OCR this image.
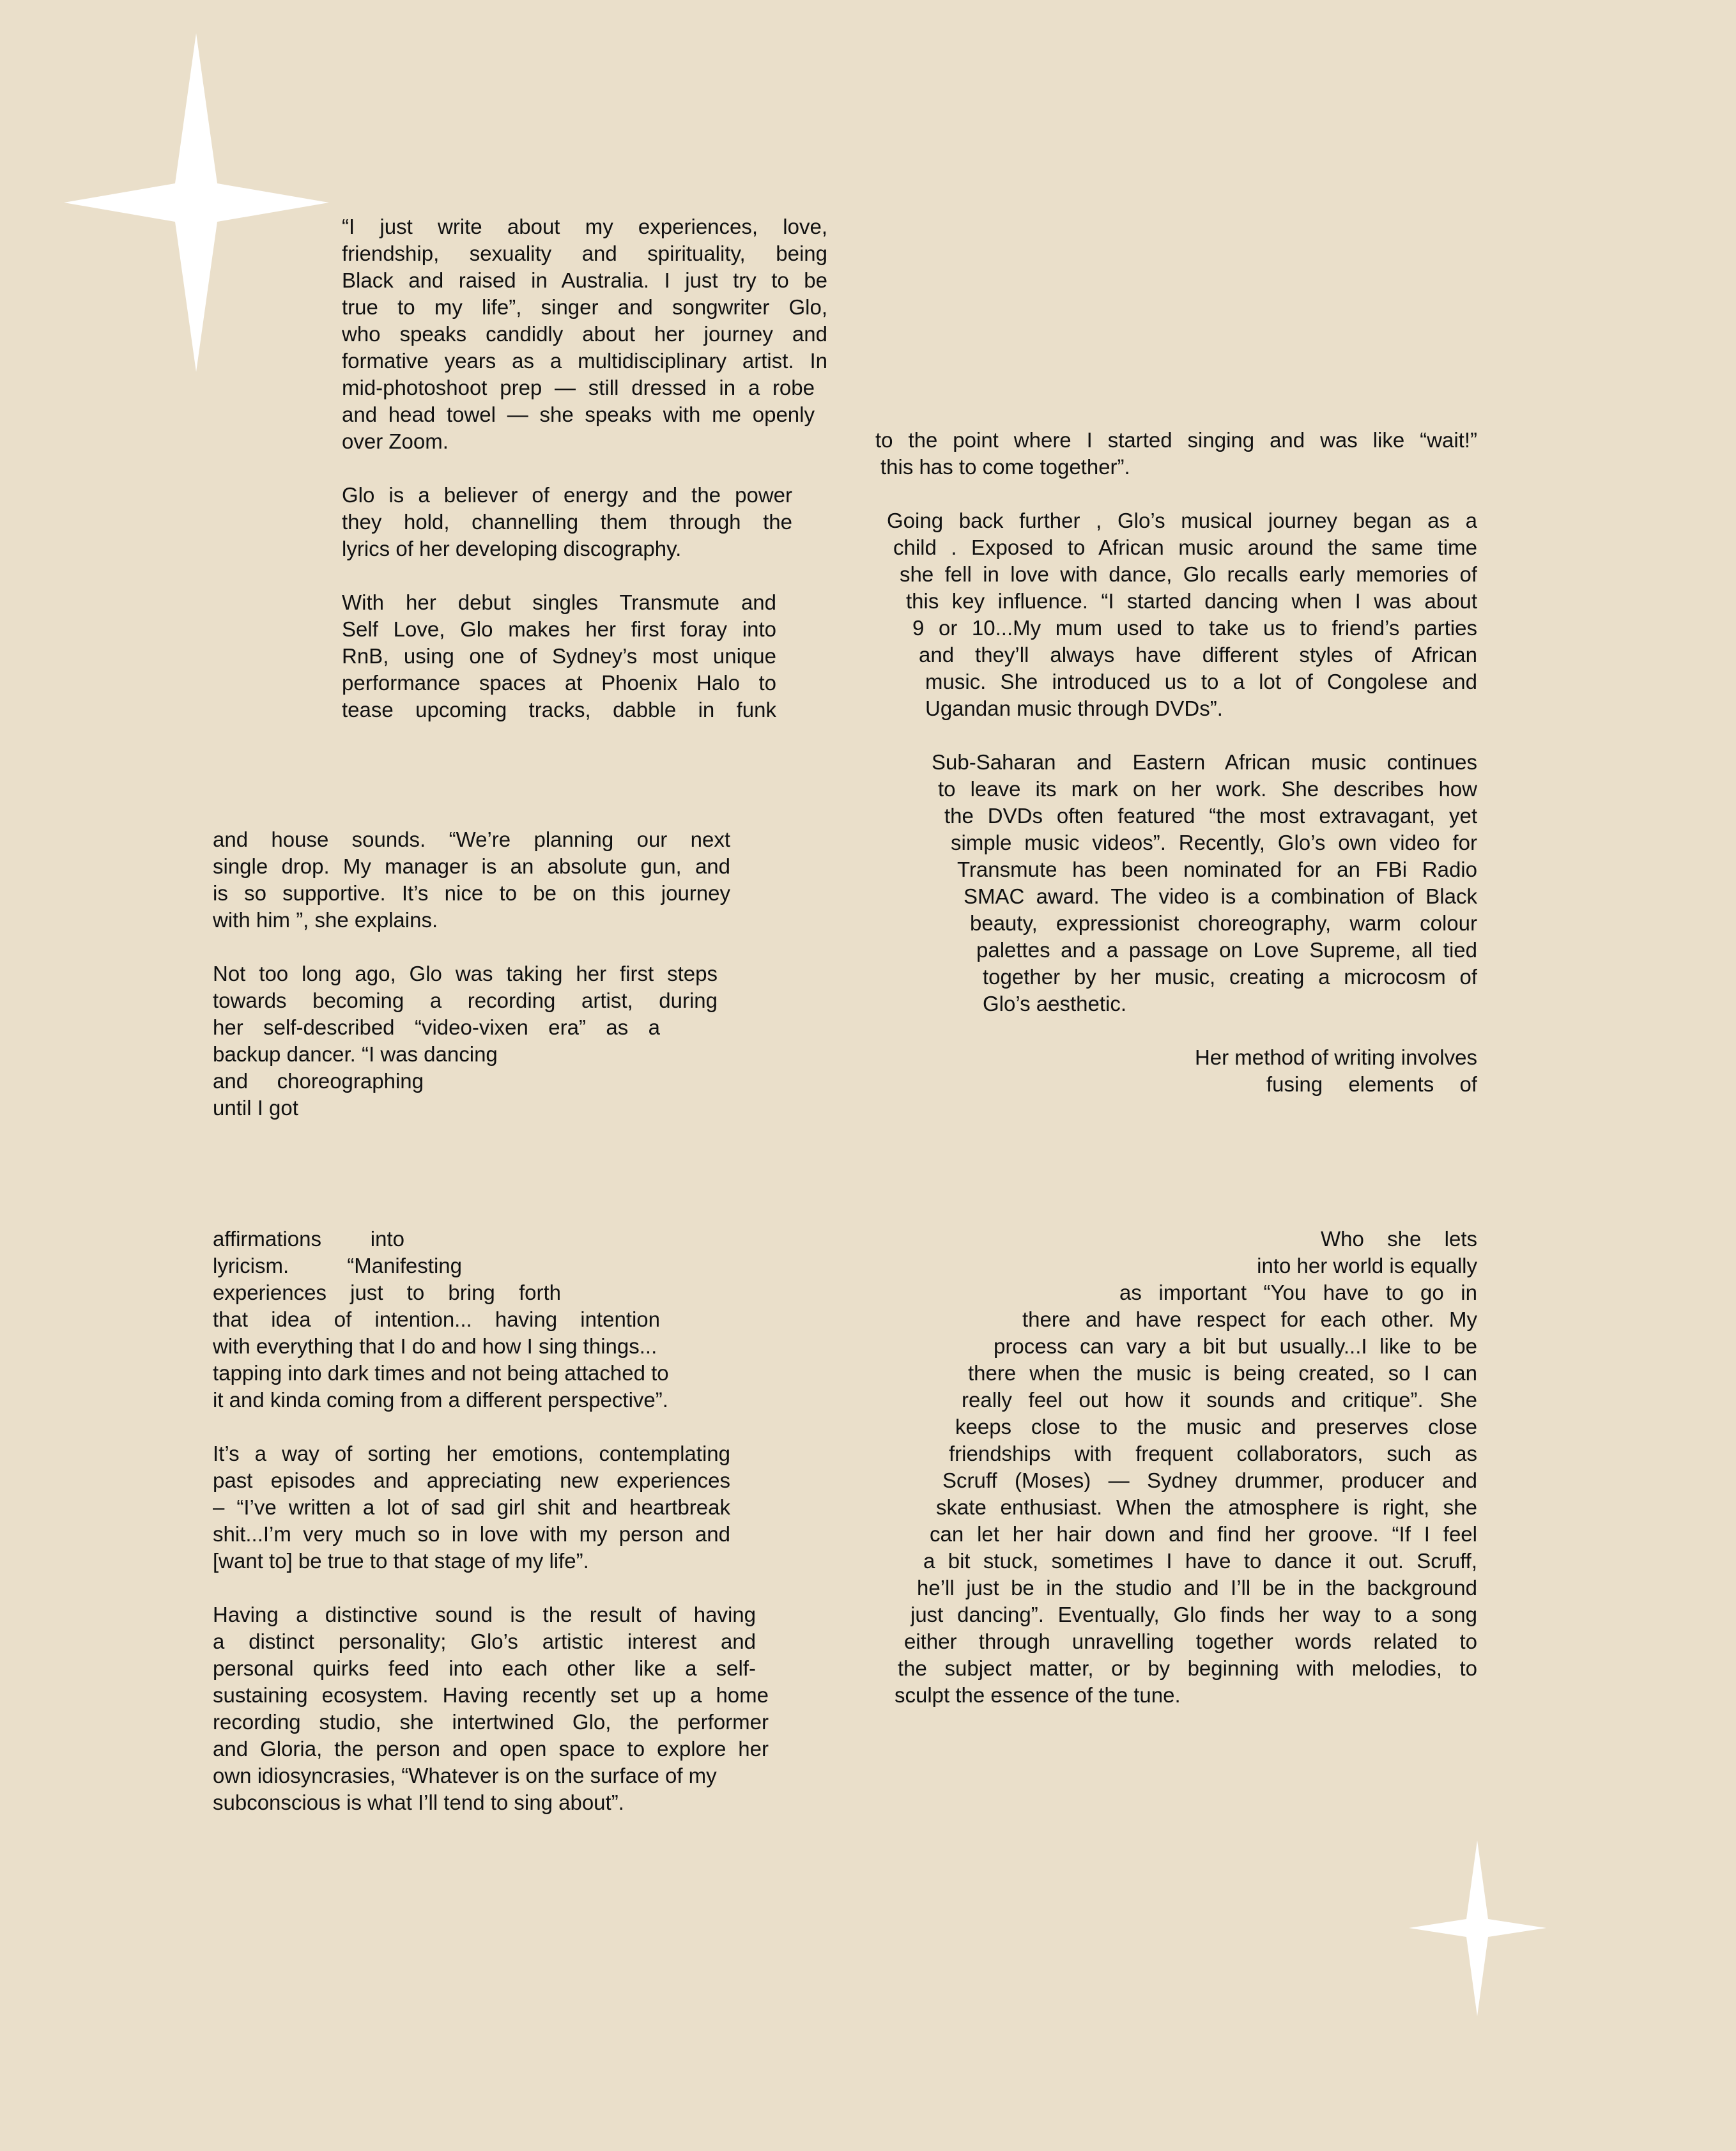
“I just write about my experiences, love,
friendship, sexuality and spirituality, being
Black and raised in Australia. I just try to be
true to my life”, singer and songwriter Glo,
who speaks candidly about her journey and
formative years as a multidisciplinary artist. In
mid-photoshoot prep — still dressed in a robe
and head towel — she speaks with me openly
over Zoom.
Glo is a believer of energy and the power
they hold, channelling them through the
lyrics of her developing discography.
With her debut singles Transmute and
Self Love, Glo makes her first foray into
RnB, using one of Sydney’s most unique
performance spaces at Phoenix Halo to
tease upcoming tracks, dabble in funk
and house sounds. “We’re planning our next
single drop. My manager is an absolute gun, and
is so supportive. It’s nice to be on this journey
with him ”, she explains.
Not too long ago, Glo was taking her first steps
towards becoming a recording artist, during
her self-described “video-vixen era” as a
backup dancer. “I was dancing
and choreographing
until I got
to the point where I started singing and was like “wait!”
this has to come together”.
Going back further , Glo’s musical journey began as a
child . Exposed to African music around the same time
she fell in love with dance, Glo recalls early memories of
this key influence. “I started dancing when I was about
9 or 10...My mum used to take us to friend’s parties
and they’ll always have different styles of African
music. She introduced us to a lot of Congolese and
Ugandan music through DVDs”.
Sub-Saharan and Eastern African music continues
to leave its mark on her work. She describes how
the DVDs often featured “the most extravagant, yet
simple music videos”. Recently, Glo’s own video for
Transmute has been nominated for an FBi Radio
SMAC award. The video is a combination of Black
beauty, expressionist choreography, warm colour
palettes and a passage on Love Supreme, all tied
together by her music, creating a microcosm of
Glo’s aesthetic.
Her method of writing involves
fusing elements of
affirmations into
lyricism. “Manifesting
experiences just to bring forth
that idea of intention... having intention
with everything that I do and how I sing things...
tapping into dark times and not being attached to
it and kinda coming from a different perspective”.
It’s a way of sorting her emotions, contemplating
past episodes and appreciating new experiences
– “I’ve written a lot of sad girl shit and heartbreak
shit...I’m very much so in love with my person and
[want to] be true to that stage of my life”.
Having a distinctive sound is the result of having
a distinct personality; Glo’s artistic interest and
personal quirks feed into each other like a self-
sustaining ecosystem. Having recently set up a home
recording studio, she intertwined Glo, the performer
and Gloria, the person and open space to explore her
own idiosyncrasies, “Whatever is on the surface of my
subconscious is what I’ll tend to sing about”.
Who she lets
into her world is equally
as important “You have to go in
there and have respect for each other. My
process can vary a bit but usually...I like to be
there when the music is being created, so I can
really feel out how it sounds and critique”. She
keeps close to the music and preserves close
friendships with frequent collaborators, such as
Scruff (Moses) — Sydney drummer, producer and
skate enthusiast. When the atmosphere is right, she
can let her hair down and find her groove. “If I feel
a bit stuck, sometimes I have to dance it out. Scruff,
he’ll just be in the studio and I’ll be in the background
just dancing”. Eventually, Glo finds her way to a song
either through unravelling together words related to
the subject matter, or by beginning with melodies, to
sculpt the essence of the tune.
